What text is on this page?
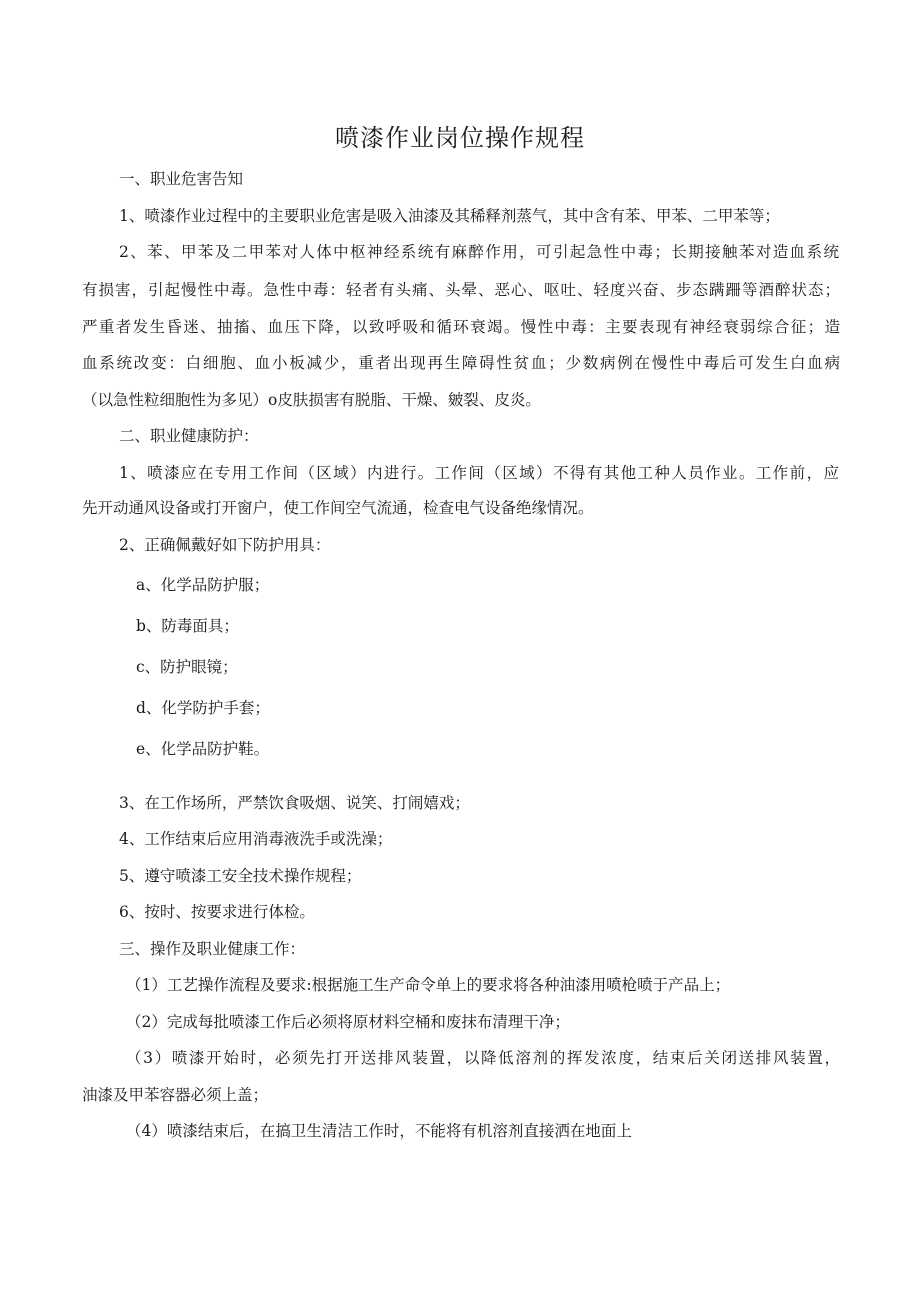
喷漆作业岗位操作规程

一、职业危害告知

1、喷漆作业过程中的主要职业危害是吸入油漆及其稀释剂蒸气，其中含有苯、甲苯、二甲苯等；

2、苯、甲苯及二甲苯对人体中枢神经系统有麻醉作用，可引起急性中毒；长期接触苯对造血系统

有损害，引起慢性中毒。急性中毒：轻者有头痛、头晕、恶心、呕吐、轻度兴奋、步态蹒跚等酒醉状态；

严重者发生昏迷、抽搐、血压下降，以致呼吸和循环衰竭。慢性中毒：主要表现有神经衰弱综合征；造

血系统改变：白细胞、血小板减少，重者出现再生障碍性贫血；少数病例在慢性中毒后可发生白血病

（以急性粒细胞性为多见）o皮肤损害有脱脂、干燥、皴裂、皮炎。

二、职业健康防护：

1、喷漆应在专用工作间（区域）内进行。工作间（区域）不得有其他工种人员作业。工作前，应

先开动通风设备或打开窗户，使工作间空气流通，检查电气设备绝缘情况。

2、正确佩戴好如下防护用具：

a、化学品防护服；

b、防毒面具；

c、防护眼镜；

d、化学防护手套；

e、化学品防护鞋。

3、在工作场所，严禁饮食吸烟、说笑、打闹嬉戏；

4、工作结束后应用消毒液洗手或洗澡；

5、遵守喷漆工安全技术操作规程；

6、按时、按要求进行体检。

三、操作及职业健康工作：

（1）工艺操作流程及要求:根据施工生产命令单上的要求将各种油漆用喷枪喷于产品上；

（2）完成每批喷漆工作后必须将原材料空桶和废抹布清理干净；

（3）喷漆开始时，必须先打开送排风装置，以降低溶剂的挥发浓度，结束后关闭送排风装置，

油漆及甲苯容器必须上盖；

（4）喷漆结束后，在搞卫生清洁工作时，不能将有机溶剂直接洒在地面上
